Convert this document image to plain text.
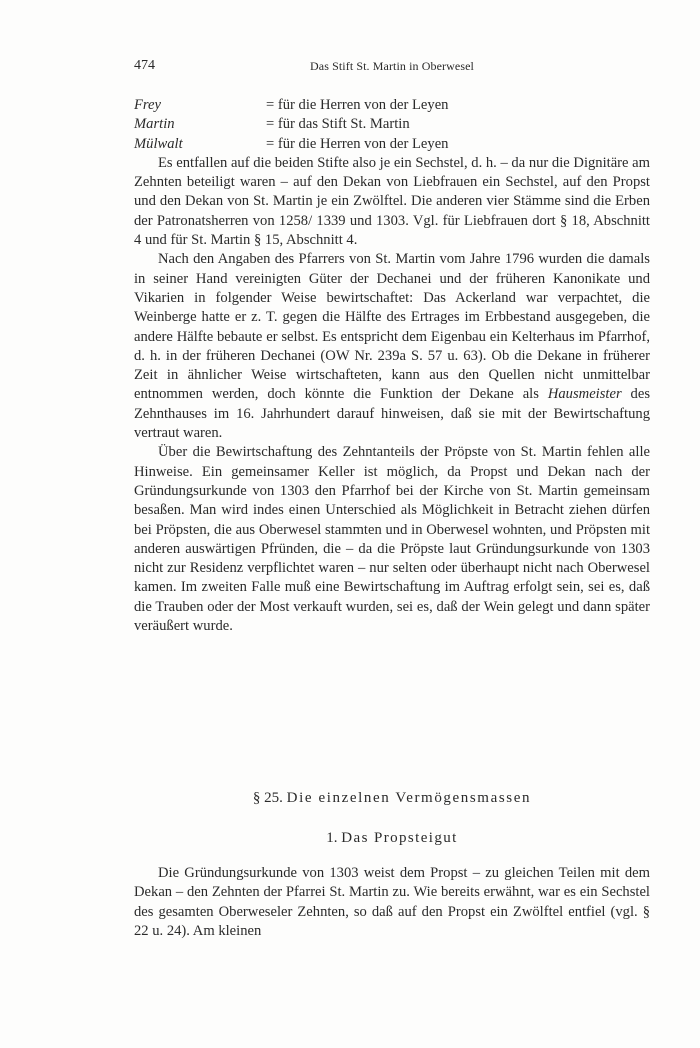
474	Das Stift St. Martin in Oberwesel
Frey	= für die Herren von der Leyen
Martin	= für das Stift St. Martin
Mülwalt	= für die Herren von der Leyen

Es entfallen auf die beiden Stifte also je ein Sechstel, d. h. – da nur die Dignitäre am Zehnten beteiligt waren – auf den Dekan von Liebfrauen ein Sechstel, auf den Propst und den Dekan von St. Martin je ein Zwölftel. Die anderen vier Stämme sind die Erben der Patronatsherren von 1258/ 1339 und 1303. Vgl. für Liebfrauen dort § 18, Abschnitt 4 und für St. Martin § 15, Abschnitt 4.

Nach den Angaben des Pfarrers von St. Martin vom Jahre 1796 wurden die damals in seiner Hand vereinigten Güter der Dechanei und der früheren Kanonikate und Vikarien in folgender Weise bewirtschaftet: Das Ackerland war verpachtet, die Weinberge hatte er z. T. gegen die Hälfte des Ertrages im Erbbestand ausgegeben, die andere Hälfte bebaute er selbst. Es entspricht dem Eigenbau ein Kelterhaus im Pfarrhof, d. h. in der früheren Dechanei (OW Nr. 239a S. 57 u. 63). Ob die Dekane in früherer Zeit in ähnlicher Weise wirtschafteten, kann aus den Quellen nicht unmittelbar entnommen werden, doch könnte die Funktion der Dekane als Hausmeister des Zehnthauses im 16. Jahrhundert darauf hinweisen, daß sie mit der Bewirtschaftung vertraut waren.

Über die Bewirtschaftung des Zehntanteils der Pröpste von St. Martin fehlen alle Hinweise. Ein gemeinsamer Keller ist möglich, da Propst und Dekan nach der Gründungsurkunde von 1303 den Pfarrhof bei der Kirche von St. Martin gemeinsam besaßen. Man wird indes einen Unterschied als Möglichkeit in Betracht ziehen dürfen bei Pröpsten, die aus Oberwesel stammten und in Oberwesel wohnten, und Pröpsten mit anderen auswärtigen Pfründen, die – da die Pröpste laut Gründungsurkunde von 1303 nicht zur Residenz verpflichtet waren – nur selten oder überhaupt nicht nach Oberwesel kamen. Im zweiten Falle muß eine Bewirtschaftung im Auftrag erfolgt sein, sei es, daß die Trauben oder der Most verkauft wurden, sei es, daß der Wein gelegt und dann später veräußert wurde.

§ 25. Die einzelnen Vermögensmassen
1. Das Propsteigut

Die Gründungsurkunde von 1303 weist dem Propst – zu gleichen Teilen mit dem Dekan – den Zehnten der Pfarrei St. Martin zu. Wie bereits erwähnt, war es ein Sechstel des gesamten Oberweseler Zehnten, so daß auf den Propst ein Zwölftel entfiel (vgl. § 22 u. 24). Am kleinen
